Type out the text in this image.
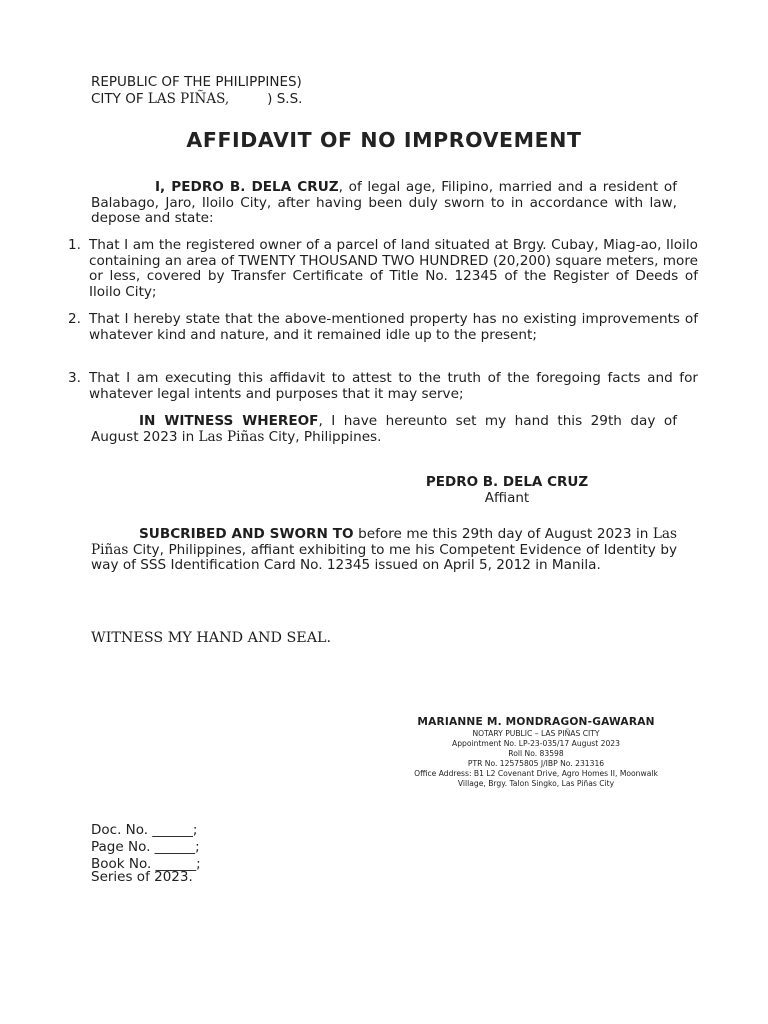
REPUBLIC OF THE PHILIPPINES)
CITY OF LAS PIÑAS,	) S.S.
AFFIDAVIT OF NO IMPROVEMENT
I, PEDRO B. DELA CRUZ, of legal age, Filipino, married and a resident of Balabago, Jaro, Iloilo City, after having been duly sworn to in accordance with law, depose and state:
1. That I am the registered owner of a parcel of land situated at Brgy. Cubay, Miag-ao, Iloilo containing an area of TWENTY THOUSAND TWO HUNDRED (20,200) square meters, more or less, covered by Transfer Certificate of Title No. 12345 of the Register of Deeds of Iloilo City;
2. That I hereby state that the above-mentioned property has no existing improvements of whatever kind and nature, and it remained idle up to the present;
3. That I am executing this affidavit to attest to the truth of the foregoing facts and for whatever legal intents and purposes that it may serve;
IN WITNESS WHEREOF, I have hereunto set my hand this 29th day of August 2023 in Las Piñas City, Philippines.
PEDRO B. DELA CRUZ
Affiant
SUBCRIBED AND SWORN TO before me this 29th day of August 2023 in Las Piñas City, Philippines, affiant exhibiting to me his Competent Evidence of Identity by way of SSS Identification Card No. 12345 issued on April 5, 2012 in Manila.
WITNESS MY HAND AND SEAL.
MARIANNE M. MONDRAGON-GAWARAN
NOTARY PUBLIC – LAS PIÑAS CITY
Appointment No. LP-23-035/17 August 2023
Roll No. 83598
PTR No. 12575805 J/IBP No. 231316
Office Address: B1 L2 Covenant Drive, Agro Homes II, Moonwalk
Village, Brgy. Talon Singko, Las Piñas City
Doc. No. ______;
Page No. ______;
Book No. ______;
Series of 2023.
